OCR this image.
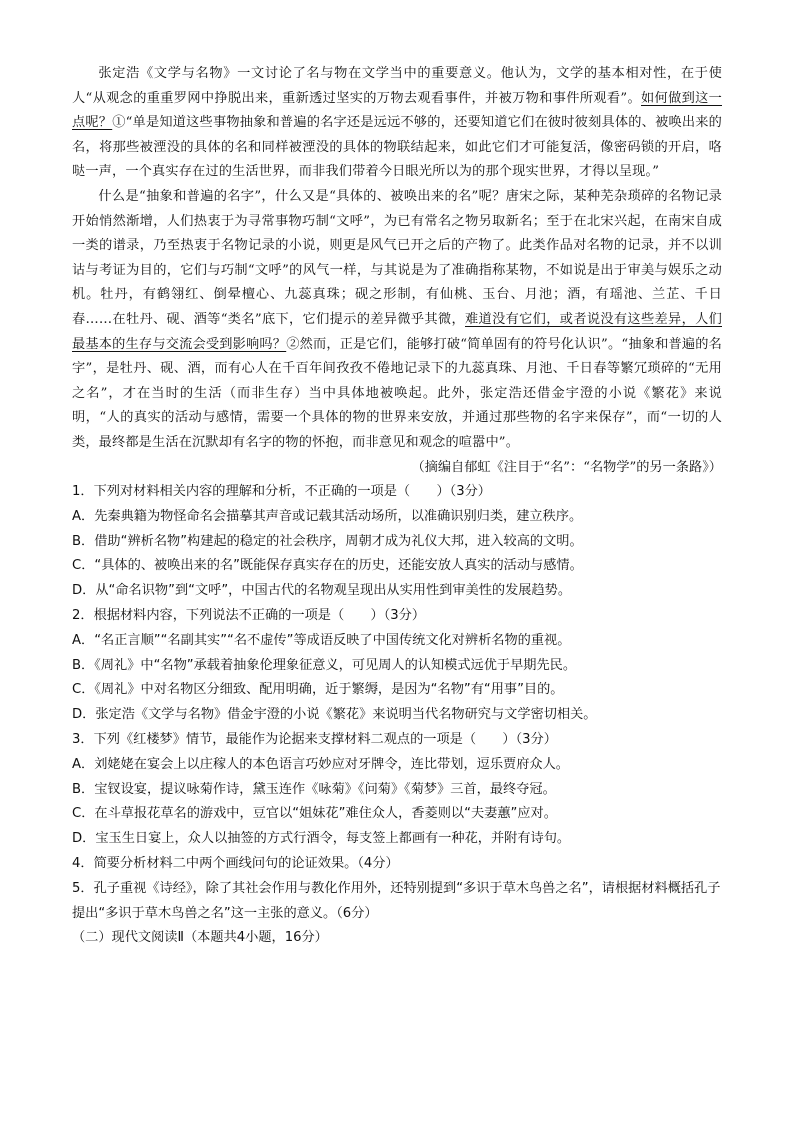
张定浩《文学与名物》一文讨论了名与物在文学当中的重要意义。他认为，文学的基本相对性，在于使人“从观念的重重罗网中挣脱出来，重新透过坚实的万物去观看事件，并被万物和事件所观看”。如何做到这一点呢？①“单是知道这些事物抽象和普遍的名字还是远远不够的，还要知道它们在彼时彼刻具体的、被唤出来的名，将那些被湮没的具体的名和同样被湮没的具体的物联结起来，如此它们才可能复活，像密码锁的开启，咯哒一声，一个真实存在过的生活世界，而非我们带着今日眼光所以为的那个现实世界，才得以呈现。”

什么是“抽象和普遍的名字”，什么又是“具体的、被唤出来的名”呢？唐宋之际，某种芜杂琐碎的名物记录开始悄然渐增，人们热衷于为寻常事物巧制“文呼”，为已有常名之物另取新名；至于在北宋兴起，在南宋自成一类的谱录，乃至热衷于名物记录的小说，则更是风气已开之后的产物了。此类作品对名物的记录，并不以训诂与考证为目的，它们与巧制“文呼”的风气一样，与其说是为了准确指称某物，不如说是出于审美与娱乐之动机。牡丹，有鹤翎红、倒晕檀心、九蕊真珠；砚之形制，有仙桃、玉台、月池；酒，有瑶池、兰芷、千日春……在牡丹、砚、酒等“类名”底下，它们提示的差异微乎其微，难道没有它们，或者说没有这些差异，人们最基本的生存与交流会受到影响吗？②然而，正是它们，能够打破“简单固有的符号化认识”。“抽象和普遍的名字”，是牡丹、砚、酒，而有心人在千百年间孜孜不倦地记录下的九蕊真珠、月池、千日春等繁冗琐碎的“无用之名”，才在当时的生活（而非生存）当中具体地被唤起。此外，张定浩还借金宇澄的小说《繁花》来说明，“人的真实的活动与感情，需要一个具体的物的世界来安放，并通过那些物的名字来保存”，而“一切的人类，最终都是生活在沉默却有名字的物的怀抱，而非意见和观念的喧嚣中”。

（摘编自郁虹《注目于“名”：“名物学”的另一条路》）

1．下列对材料相关内容的理解和分析，不正确的一项是（　　）（3分）

A．先秦典籍为物怪命名会描摹其声音或记载其活动场所，以准确识别归类，建立秩序。

B．借助“辨析名物”构建起的稳定的社会秩序，周朝才成为礼仪大邦，进入较高的文明。

C．“具体的、被唤出来的名”既能保存真实存在的历史，还能安放人真实的活动与感情。

D．从“命名识物”到“文呼”，中国古代的名物观呈现出从实用性到审美性的发展趋势。

2．根据材料内容，下列说法不正确的一项是（　　）（3分）

A．“名正言顺”“名副其实”“名不虚传”等成语反映了中国传统文化对辨析名物的重视。

B．《周礼》中“名物”承载着抽象伦理象征意义，可见周人的认知模式远优于早期先民。

C．《周礼》中对名物区分细致、配用明确，近于繁缛，是因为“名物”有“用事”目的。

D．张定浩《文学与名物》借金宇澄的小说《繁花》来说明当代名物研究与文学密切相关。

3．下列《红楼梦》情节，最能作为论据来支撑材料二观点的一项是（　　）（3分）

A．刘姥姥在宴会上以庄稼人的本色语言巧妙应对牙牌令，连比带划，逗乐贾府众人。

B．宝钗设宴，提议咏菊作诗，黛玉连作《咏菊》《问菊》《菊梦》三首，最终夺冠。

C．在斗草报花草名的游戏中，豆官以“姐妹花”难住众人，香菱则以“夫妻蕙”应对。

D．宝玉生日宴上，众人以抽签的方式行酒令，每支签上都画有一种花，并附有诗句。

4．简要分析材料二中两个画线问句的论证效果。（4分）

5．孔子重视《诗经》，除了其社会作用与教化作用外，还特别提到“多识于草木鸟兽之名”，请根据材料概括孔子提出“多识于草木鸟兽之名”这一主张的意义。（6分）

（二）现代文阅读Ⅱ（本题共4小题，16分）
